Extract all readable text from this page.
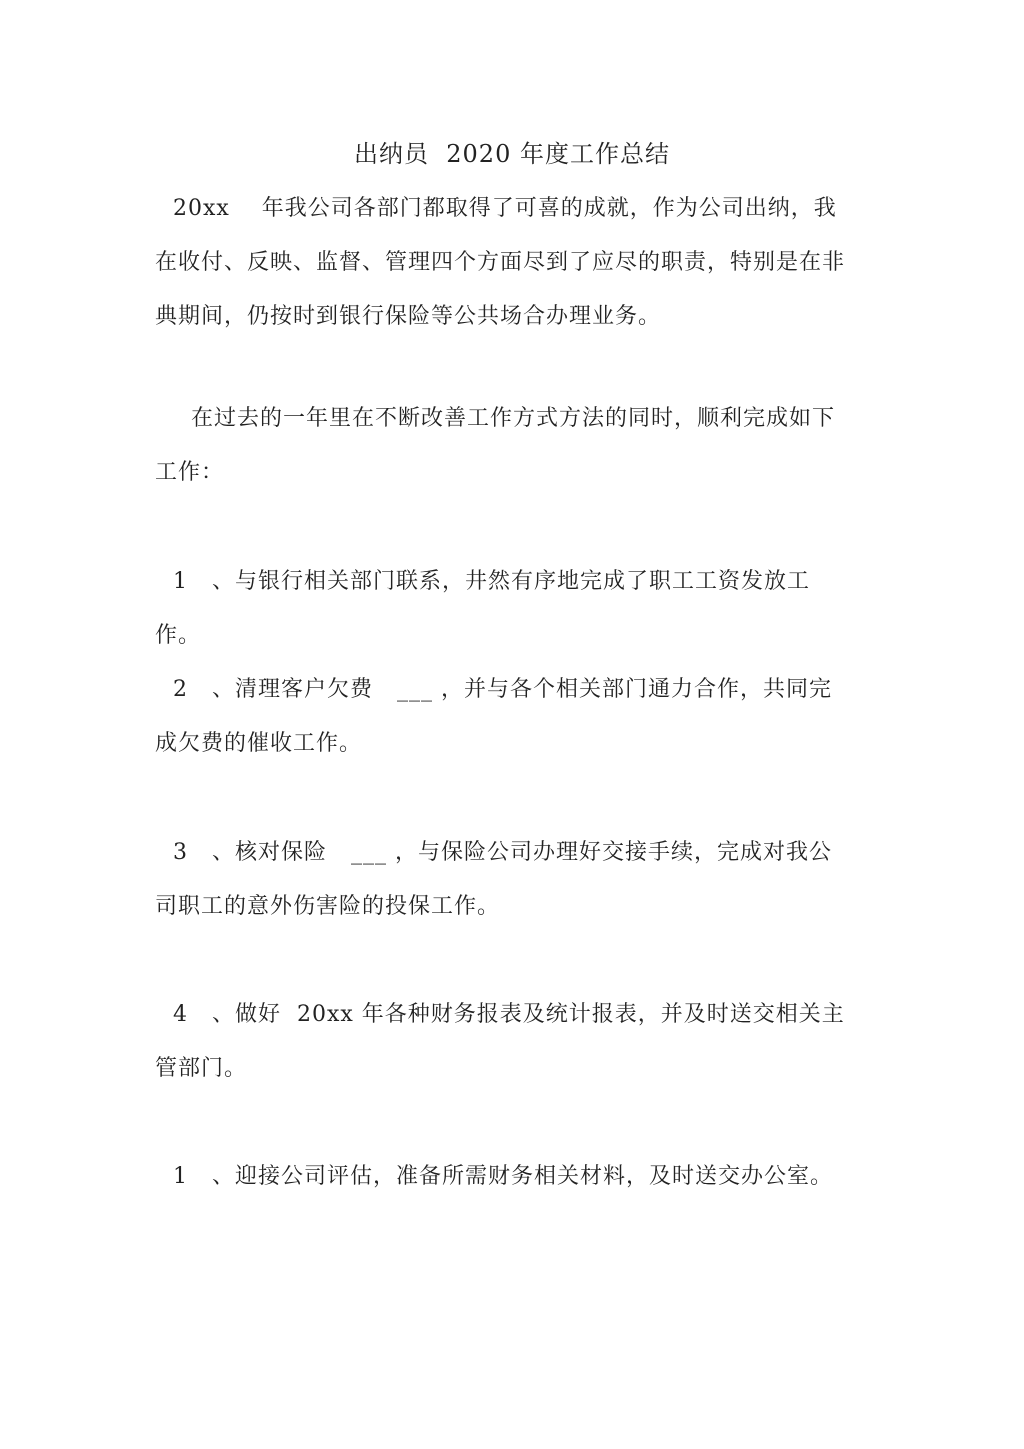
出纳员  2020 年度工作总结
20xx    年我公司各部门都取得了可喜的成就，作为公司出纳，我在收付、反映、监督、管理四个方面尽到了应尽的职责，特别是在非典期间，仍按时到银行保险等公共场合办理业务。
在过去的一年里在不断改善工作方式方法的同时，顺利完成如下工作：
1   、与银行相关部门联系，井然有序地完成了职工工资发放工作。
2   、清理客户欠费   ___ ，并与各个相关部门通力合作，共同完成欠费的催收工作。
3   、核对保险   ___ ，与保险公司办理好交接手续，完成对我公司职工的意外伤害险的投保工作。
4   、做好  20xx 年各种财务报表及统计报表，并及时送交相关主管部门。
1   、迎接公司评估，准备所需财务相关材料，及时送交办公室。
